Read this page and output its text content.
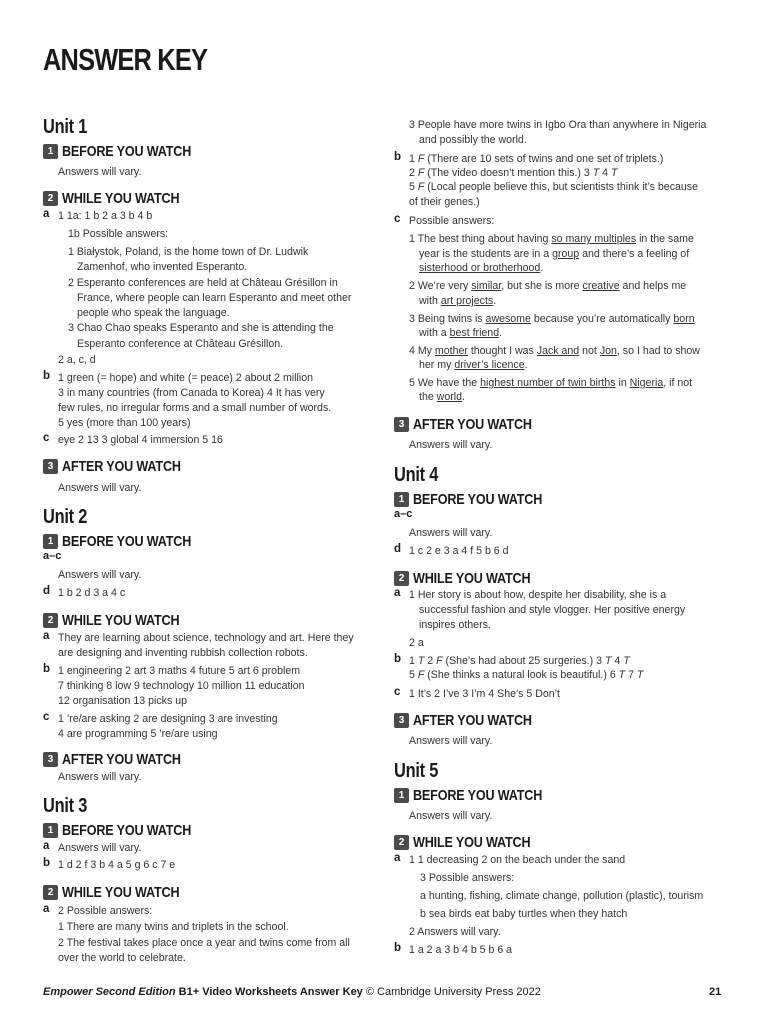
ANSWER KEY
Unit 1
1 BEFORE YOU WATCH
Answers will vary.
2 WHILE YOU WATCH
a 1 1a: 1 b 2 a 3 b 4 b
1b Possible answers:
1 Białystok, Poland, is the home town of Dr. Ludwik
Zamenhof, who invented Esperanto.
2 Esperanto conferences are held at Château Grésillon in
France, where people can learn Esperanto and meet other
people who speak the language.
3 Chao Chao speaks Esperanto and she is attending the
Esperanto conference at Château Grésillon.
2 a, c, d
b 1 green (= hope) and white (= peace) 2 about 2 million
3 in many countries (from Canada to Korea) 4 It has very
few rules, no irregular forms and a small number of words.
5 yes (more than 100 years)
c eye 2 13 3 global 4 immersion 5 16
3 AFTER YOU WATCH
Answers will vary.
Unit 2
1 BEFORE YOU WATCH
a–c
Answers will vary.
d 1 b 2 d 3 a 4 c
2 WHILE YOU WATCH
a They are learning about science, technology and art. Here they
are designing and inventing rubbish collection robots.
b 1 engineering 2 art 3 maths 4 future 5 art 6 problem
7 thinking 8 low 9 technology 10 million 11 education
12 organisation 13 picks up
c 1 ’re/are asking 2 are designing 3 are investing
4 are programming 5 ’re/are using
3 AFTER YOU WATCH
Answers will vary.
Unit 3
1 BEFORE YOU WATCH
a Answers will vary.
b 1 d 2 f 3 b 4 a 5 g 6 c 7 e
2 WHILE YOU WATCH
a 2 Possible answers:
1 There are many twins and triplets in the school.
2 The festival takes place once a year and twins come from all
over the world to celebrate.
3 People have more twins in Igbo Ora than anywhere in Nigeria
and possibly the world.
b 1 F (There are 10 sets of twins and one set of triplets.)
2 F (The video doesn’t mention this.) 3 T 4 T
5 F (Local people believe this, but scientists think it’s because
of their genes.)
c Possible answers:
1 The best thing about having so many multiples in the same
year is the students are in a group and there’s a feeling of
sisterhood or brotherhood.
2 We’re very similar, but she is more creative and helps me
with art projects.
3 Being twins is awesome because you’re automatically born
with a best friend.
4 My mother thought I was Jack and not Jon, so I had to show
her my driver’s licence.
5 We have the highest number of twin births in Nigeria, if not
the world.
3 AFTER YOU WATCH
Answers will vary.
Unit 4
1 BEFORE YOU WATCH
a–c
Answers will vary.
d 1 c 2 e 3 a 4 f 5 b 6 d
2 WHILE YOU WATCH
a 1 Her story is about how, despite her disability, she is a
successful fashion and style vlogger. Her positive energy
inspires others.
2 a
b 1 T 2 F (She’s had about 25 surgeries.) 3 T 4 T
5 F (She thinks a natural look is beautiful.) 6 T 7 T
c 1 It’s 2 I’ve 3 I’m 4 She’s 5 Don’t
3 AFTER YOU WATCH
Answers will vary.
Unit 5
1 BEFORE YOU WATCH
Answers will vary.
2 WHILE YOU WATCH
a 1 1 decreasing 2 on the beach under the sand
3 Possible answers:
a hunting, fishing, climate change, pollution (plastic), tourism
b sea birds eat baby turtles when they hatch
2 Answers will vary.
b 1 a 2 a 3 b 4 b 5 b 6 a
Empower Second Edition B1+ Video Worksheets Answer Key © Cambridge University Press 2022	21
